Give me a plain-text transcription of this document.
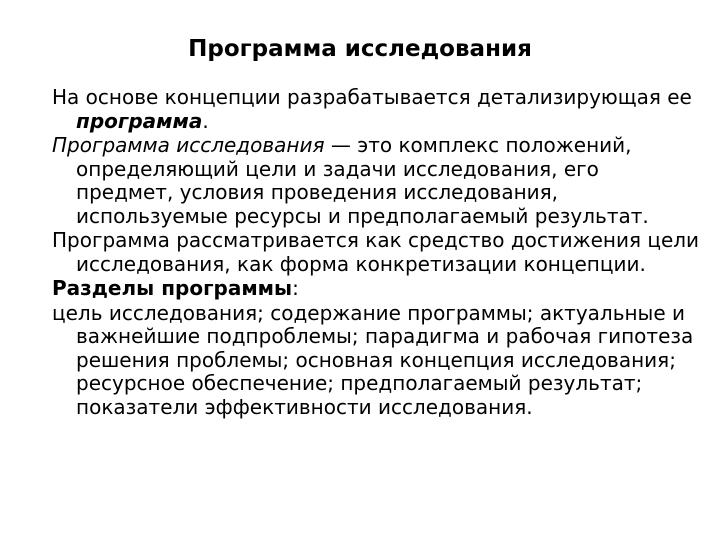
Программа исследования

На основе концепции разрабатывается детализирующая ее программа.

Программа исследования — это комплекс положений, определяющий цели и задачи исследования, его предмет, условия проведения исследования, используемые ресурсы и предполагаемый результат.

Программа рассматривается как средство достижения цели исследования, как форма конкретизации концепции.

Разделы программы:

цель исследования; содержание программы; актуальные и важнейшие подпроблемы; парадигма и рабочая гипотеза решения проблемы; основная концепция исследования; ресурсное обеспечение; предполагаемый результат; показатели эффективности исследования.
